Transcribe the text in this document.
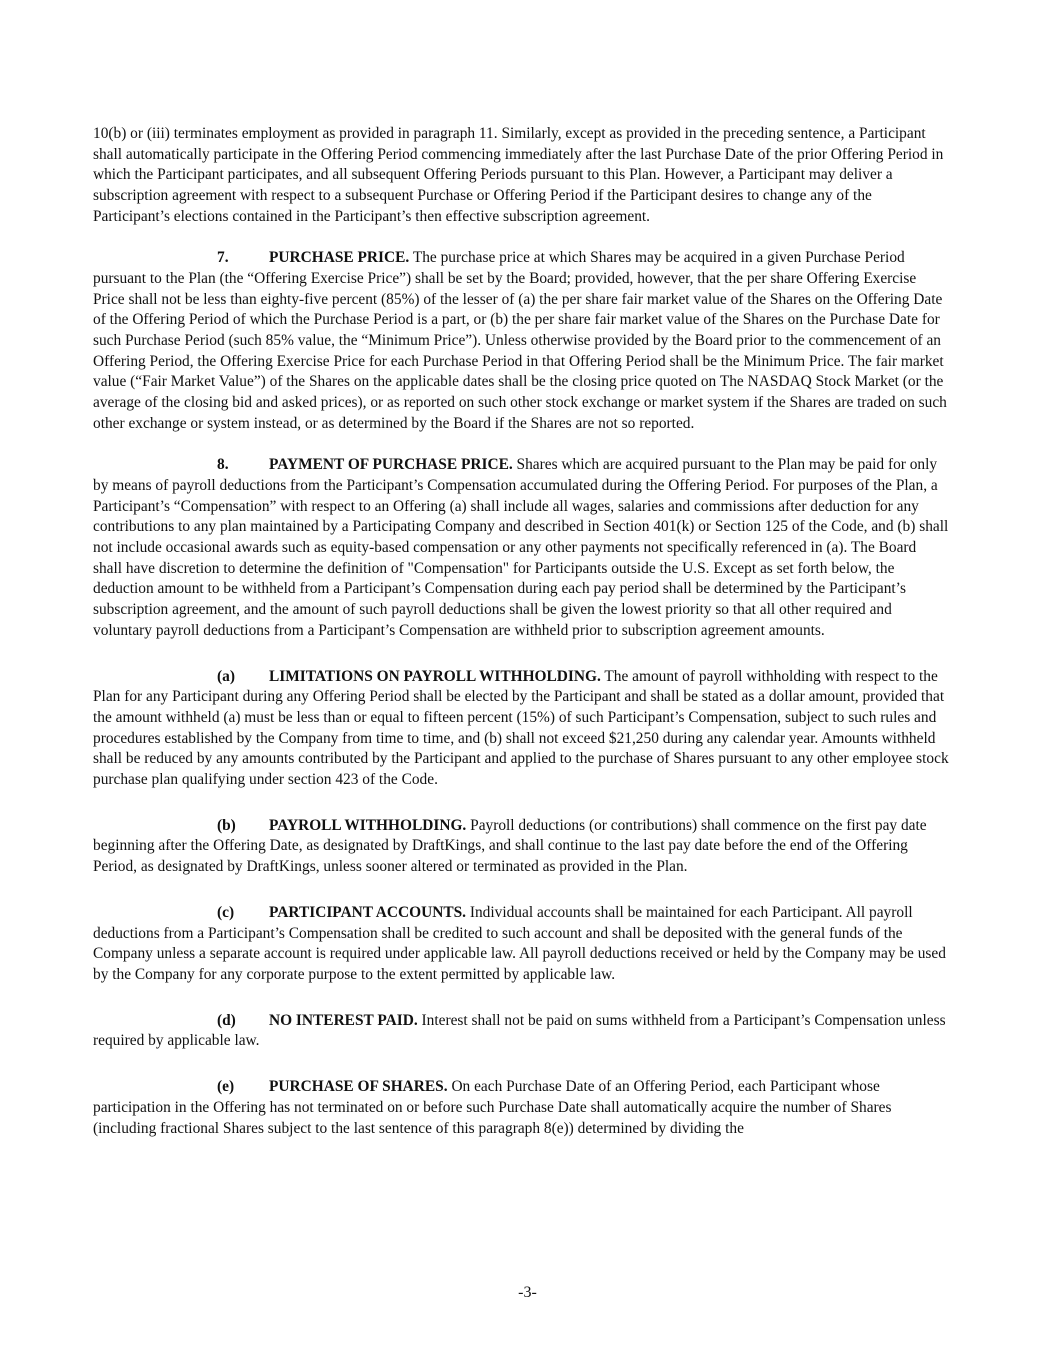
10(b) or (iii) terminates employment as provided in paragraph 11. Similarly, except as provided in the preceding sentence, a Participant shall automatically participate in the Offering Period commencing immediately after the last Purchase Date of the prior Offering Period in which the Participant participates, and all subsequent Offering Periods pursuant to this Plan. However, a Participant may deliver a subscription agreement with respect to a subsequent Purchase or Offering Period if the Participant desires to change any of the Participant’s elections contained in the Participant’s then effective subscription agreement.

7.	PURCHASE PRICE. The purchase price at which Shares may be acquired in a given Purchase Period pursuant to the Plan (the “Offering Exercise Price”) shall be set by the Board; provided, however, that the per share Offering Exercise Price shall not be less than eighty-five percent (85%) of the lesser of (a) the per share fair market value of the Shares on the Offering Date of the Offering Period of which the Purchase Period is a part, or (b) the per share fair market value of the Shares on the Purchase Date for such Purchase Period (such 85% value, the “Minimum Price”). Unless otherwise provided by the Board prior to the commencement of an Offering Period, the Offering Exercise Price for each Purchase Period in that Offering Period shall be the Minimum Price. The fair market value (“Fair Market Value”) of the Shares on the applicable dates shall be the closing price quoted on The NASDAQ Stock Market (or the average of the closing bid and asked prices), or as reported on such other stock exchange or market system if the Shares are traded on such other exchange or system instead, or as determined by the Board if the Shares are not so reported.

8.	PAYMENT OF PURCHASE PRICE. Shares which are acquired pursuant to the Plan may be paid for only by means of payroll deductions from the Participant’s Compensation accumulated during the Offering Period. For purposes of the Plan, a Participant’s “Compensation” with respect to an Offering (a) shall include all wages, salaries and commissions after deduction for any contributions to any plan maintained by a Participating Company and described in Section 401(k) or Section 125 of the Code, and (b) shall not include occasional awards such as equity-based compensation or any other payments not specifically referenced in (a). The Board shall have discretion to determine the definition of "Compensation" for Participants outside the U.S. Except as set forth below, the deduction amount to be withheld from a Participant’s Compensation during each pay period shall be determined by the Participant’s subscription agreement, and the amount of such payroll deductions shall be given the lowest priority so that all other required and voluntary payroll deductions from a Participant’s Compensation are withheld prior to subscription agreement amounts.

(a) LIMITATIONS ON PAYROLL WITHHOLDING. The amount of payroll withholding with respect to the Plan for any Participant during any Offering Period shall be elected by the Participant and shall be stated as a dollar amount, provided that the amount withheld (a) must be less than or equal to fifteen percent (15%) of such Participant’s Compensation, subject to such rules and procedures established by the Company from time to time, and (b) shall not exceed $21,250 during any calendar year. Amounts withheld shall be reduced by any amounts contributed by the Participant and applied to the purchase of Shares pursuant to any other employee stock purchase plan qualifying under section 423 of the Code.

(b) PAYROLL WITHHOLDING. Payroll deductions (or contributions) shall commence on the first pay date beginning after the Offering Date, as designated by DraftKings, and shall continue to the last pay date before the end of the Offering Period, as designated by DraftKings, unless sooner altered or terminated as provided in the Plan.

(c) PARTICIPANT ACCOUNTS. Individual accounts shall be maintained for each Participant. All payroll deductions from a Participant’s Compensation shall be credited to such account and shall be deposited with the general funds of the Company unless a separate account is required under applicable law. All payroll deductions received or held by the Company may be used by the Company for any corporate purpose to the extent permitted by applicable law.

(d) NO INTEREST PAID. Interest shall not be paid on sums withheld from a Participant’s Compensation unless required by applicable law.

(e) PURCHASE OF SHARES. On each Purchase Date of an Offering Period, each Participant whose participation in the Offering has not terminated on or before such Purchase Date shall automatically acquire the number of Shares (including fractional Shares subject to the last sentence of this paragraph 8(e)) determined by dividing the

-3-
